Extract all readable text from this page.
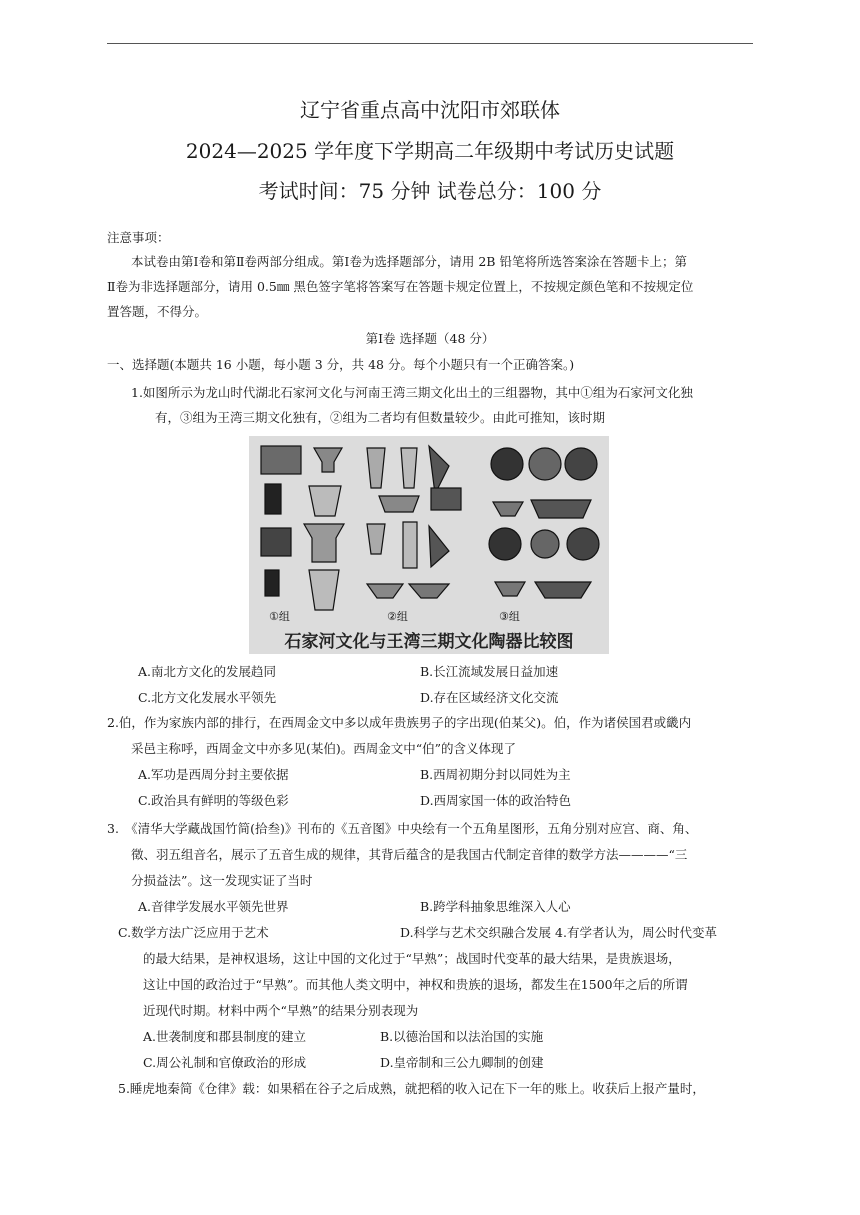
辽宁省重点高中沈阳市郊联体
2024—2025 学年度下学期高二年级期中考试历史试题
考试时间：75 分钟 试卷总分：100 分
注意事项：
本试卷由第Ⅰ卷和第Ⅱ卷两部分组成。第Ⅰ卷为选择题部分，请用 2B 铅笔将所选答案涂在答题卡上；第
Ⅱ卷为非选择题部分，请用 0.5㎜ 黑色签字笔将答案写在答题卡规定位置上，不按规定颜色笔和不按规定位
置答题，不得分。
第Ⅰ卷 选择题（48 分）
一、选择题(本题共 16 小题，每小题 3 分，共 48 分。每个小题只有一个正确答案。)
1.如图所示为龙山时代湖北石家河文化与河南王湾三期文化出土的三组器物，其中①组为石家河文化独
有，③组为王湾三期文化独有，②组为二者均有但数量较少。由此可推知，该时期
①组	②组	③组
石家河文化与王湾三期文化陶器比较图
A.南北方文化的发展趋同	B.长江流域发展日益加速
C.北方文化发展水平领先	D.存在区域经济文化交流
2.伯，作为家族内部的排行，在西周金文中多以成年贵族男子的字出现(伯某父)。伯，作为诸侯国君或畿内
采邑主称呼，西周金文中亦多见(某伯)。西周金文中“伯”的含义体现了
A.军功是西周分封主要依据	B.西周初期分封以同姓为主
C.政治具有鲜明的等级色彩	D.西周家国一体的政治特色
3.　《清华大学藏战国竹简(拾叁)》刊布的《五音图》中央绘有一个五角星图形，五角分别对应宫、商、角、
徵、羽五组音名，展示了五音生成的规律，其背后蕴含的是我国古代制定音律的数学方法————“三
分损益法”。这一发现实证了当时
A.音律学发展水平领先世界	B.跨学科抽象思维深入人心
C.数学方法广泛应用于艺术	D.科学与艺术交织融合发展 4.有学者认为，周公时代变革
的最大结果，是神权退场，这让中国的文化过于“早熟”；战国时代变革的最大结果，是贵族退场，
这让中国的政治过于“早熟”。而其他人类文明中，神权和贵族的退场，都发生在1500年之后的所谓
近现代时期。材料中两个“早熟”的结果分别表现为
A.世袭制度和郡县制度的建立	B.以德治国和以法治国的实施
C.周公礼制和官僚政治的形成	D.皇帝制和三公九卿制的创建
5.睡虎地秦简《仓律》载：如果稻在谷子之后成熟，就把稻的收入记在下一年的账上。收获后上报产量时，
